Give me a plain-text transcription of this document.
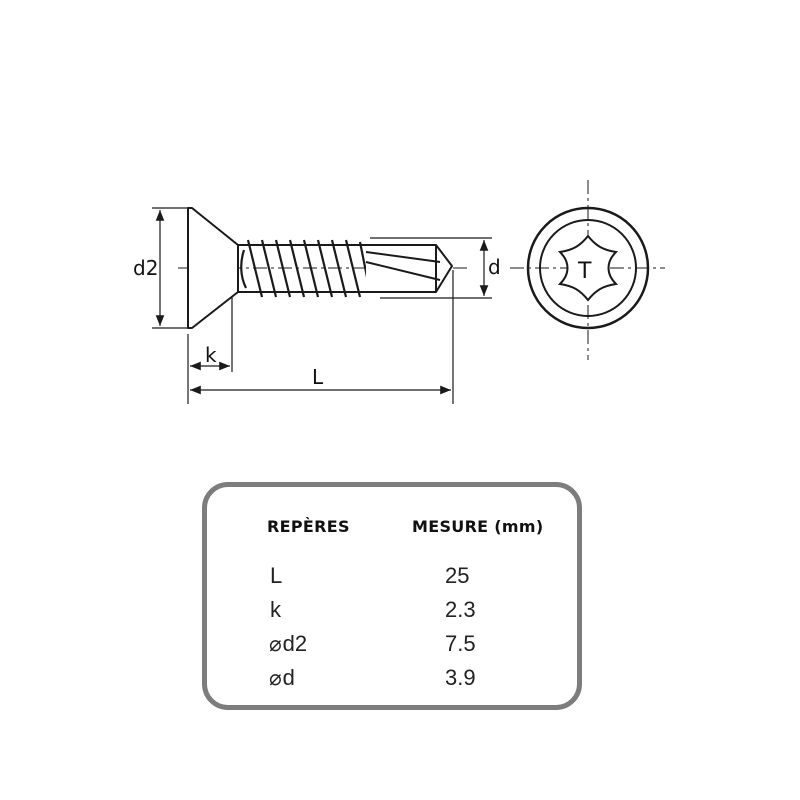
d2	d
k
L
T
REPÈRES	MESURE (mm)
L	25
k	2.3
⌀d2	7.5
⌀d	3.9
